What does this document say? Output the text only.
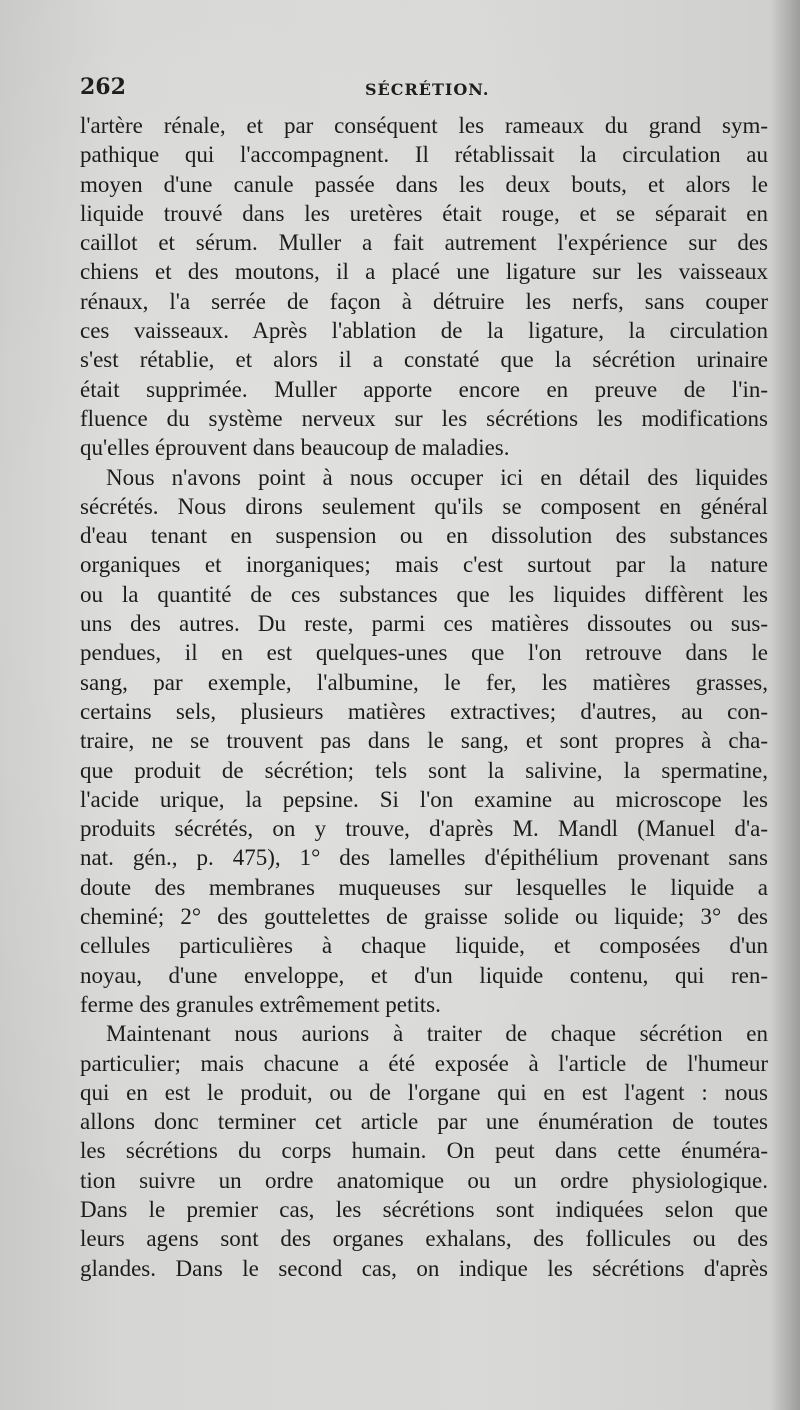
262	SÉCRÉTION.
l'artère rénale, et par conséquent les rameaux du grand sym-
pathique qui l'accompagnent. Il rétablissait la circulation au
moyen d'une canule passée dans les deux bouts, et alors le
liquide trouvé dans les uretères était rouge, et se séparait en
caillot et sérum. Muller a fait autrement l'expérience sur des
chiens et des moutons, il a placé une ligature sur les vaisseaux
rénaux, l'a serrée de façon à détruire les nerfs, sans couper
ces vaisseaux. Après l'ablation de la ligature, la circulation
s'est rétablie, et alors il a constaté que la sécrétion urinaire
était supprimée. Muller apporte encore en preuve de l'in-
fluence du système nerveux sur les sécrétions les modifications
qu'elles éprouvent dans beaucoup de maladies.
Nous n'avons point à nous occuper ici en détail des liquides
sécrétés. Nous dirons seulement qu'ils se composent en général
d'eau tenant en suspension ou en dissolution des substances
organiques et inorganiques; mais c'est surtout par la nature
ou la quantité de ces substances que les liquides diffèrent les
uns des autres. Du reste, parmi ces matières dissoutes ou sus-
pendues, il en est quelques-unes que l'on retrouve dans le
sang, par exemple, l'albumine, le fer, les matières grasses,
certains sels, plusieurs matières extractives; d'autres, au con-
traire, ne se trouvent pas dans le sang, et sont propres à cha-
que produit de sécrétion; tels sont la salivine, la spermatine,
l'acide urique, la pepsine. Si l'on examine au microscope les
produits sécrétés, on y trouve, d'après M. Mandl (Manuel d'a-
nat. gén., p. 475), 1° des lamelles d'épithélium provenant sans
doute des membranes muqueuses sur lesquelles le liquide a
cheminé; 2° des gouttelettes de graisse solide ou liquide; 3° des
cellules particulières à chaque liquide, et composées d'un
noyau, d'une enveloppe, et d'un liquide contenu, qui ren-
ferme des granules extrêmement petits.
Maintenant nous aurions à traiter de chaque sécrétion en
particulier; mais chacune a été exposée à l'article de l'humeur
qui en est le produit, ou de l'organe qui en est l'agent : nous
allons donc terminer cet article par une énumération de toutes
les sécrétions du corps humain. On peut dans cette énuméra-
tion suivre un ordre anatomique ou un ordre physiologique.
Dans le premier cas, les sécrétions sont indiquées selon que
leurs agens sont des organes exhalans, des follicules ou des
glandes. Dans le second cas, on indique les sécrétions d'après
